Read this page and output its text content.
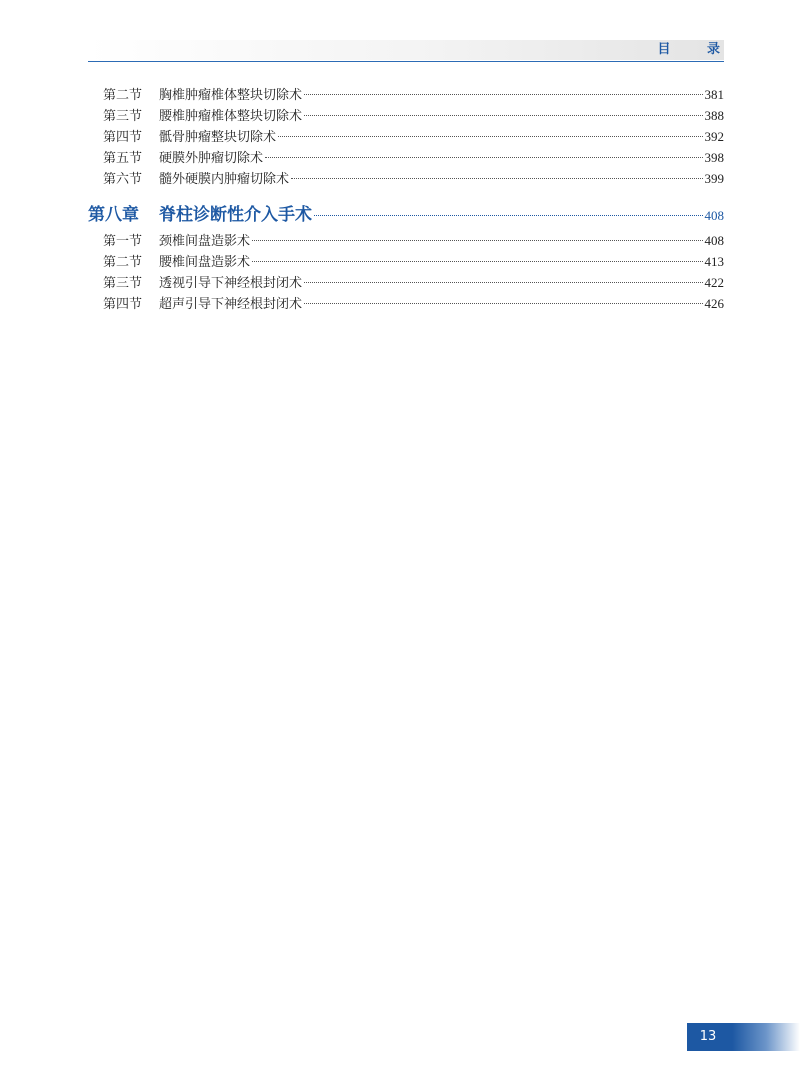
目 录
第二节	胸椎肿瘤椎体整块切除术	381
第三节	腰椎肿瘤椎体整块切除术	388
第四节	骶骨肿瘤整块切除术	392
第五节	硬膜外肿瘤切除术	398
第六节	髓外硬膜内肿瘤切除术	399
第八章	脊柱诊断性介入手术	408
第一节	颈椎间盘造影术	408
第二节	腰椎间盘造影术	413
第三节	透视引导下神经根封闭术	422
第四节	超声引导下神经根封闭术	426
13
